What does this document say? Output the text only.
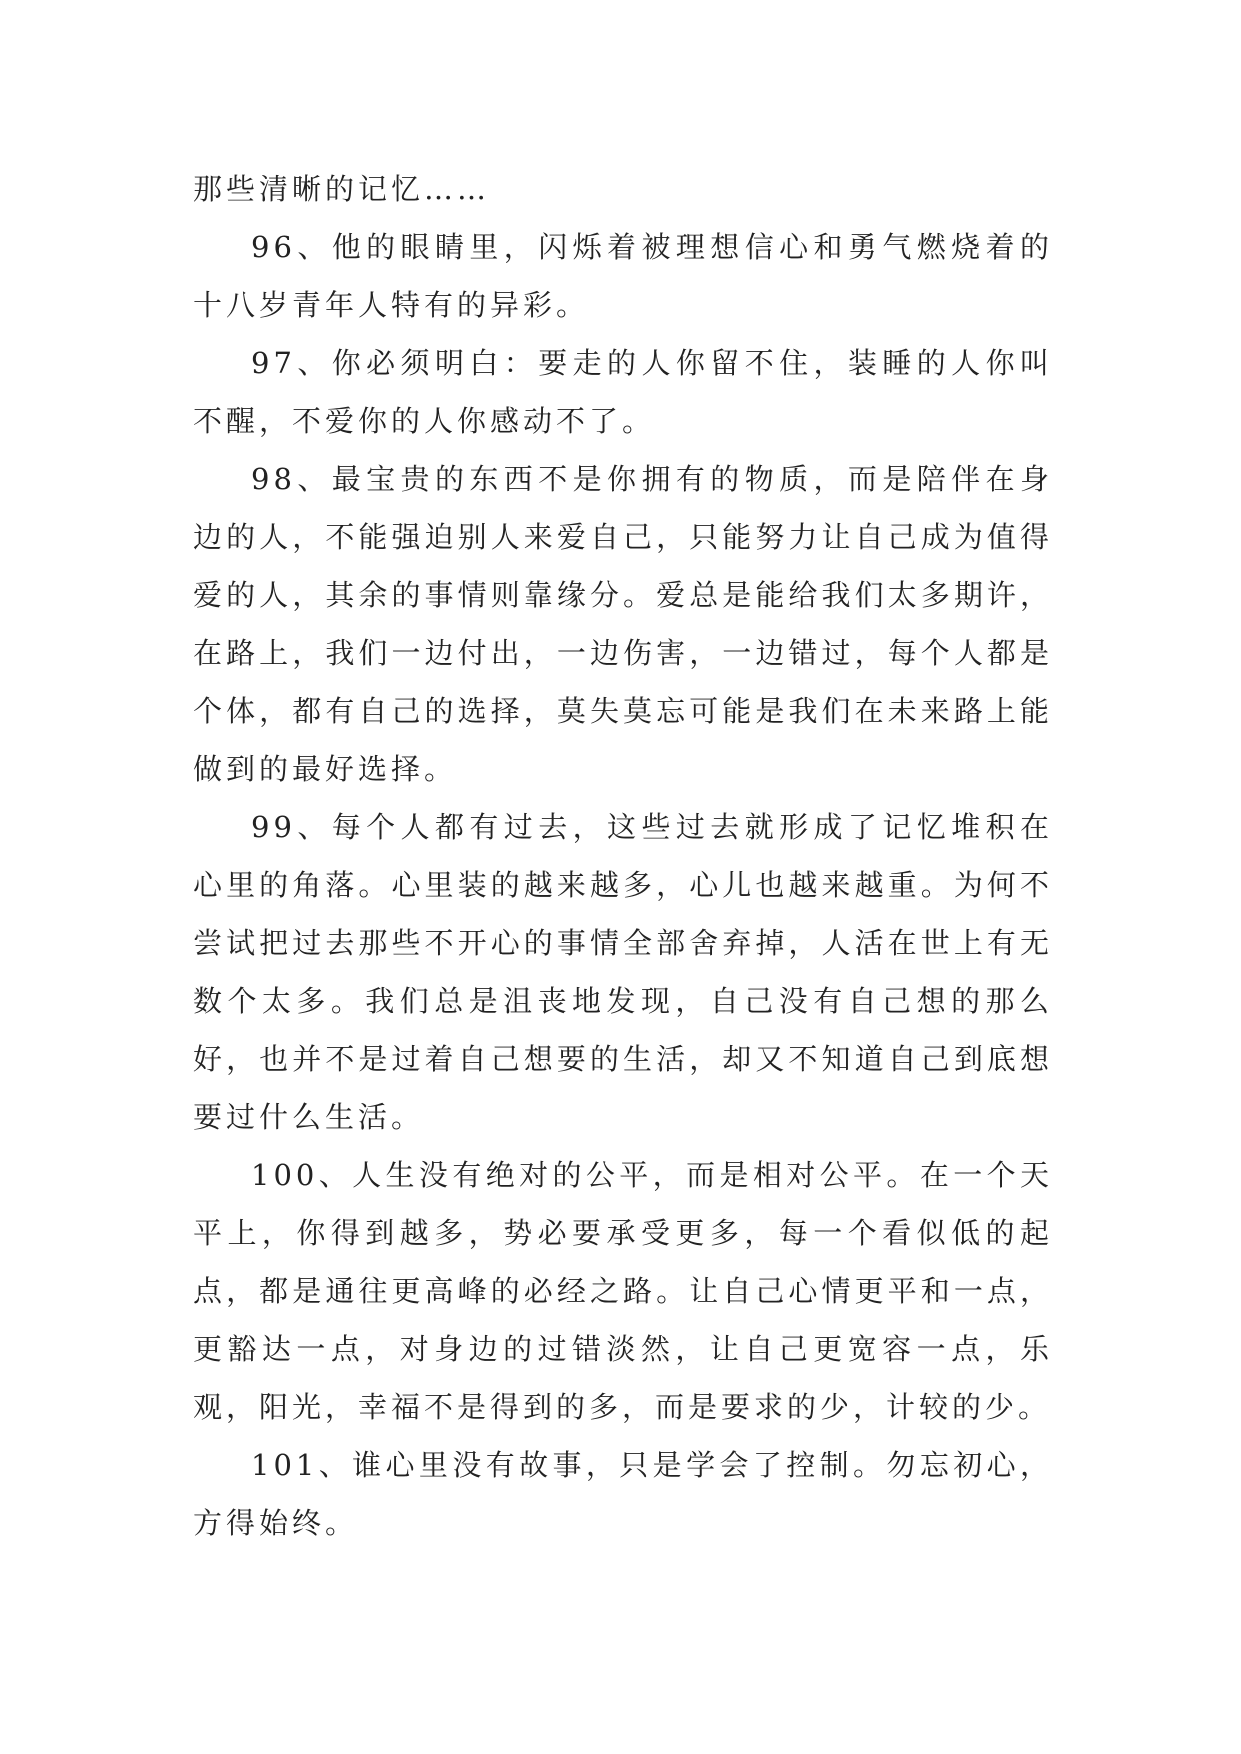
那些清晰的记忆……

96、他的眼睛里，闪烁着被理想信心和勇气燃烧着的十八岁青年人特有的异彩。

97、你必须明白：要走的人你留不住，装睡的人你叫不醒，不爱你的人你感动不了。

98、最宝贵的东西不是你拥有的物质，而是陪伴在身边的人，不能强迫别人来爱自己，只能努力让自己成为值得爱的人，其余的事情则靠缘分。爱总是能给我们太多期许，在路上，我们一边付出，一边伤害，一边错过，每个人都是个体，都有自己的选择，莫失莫忘可能是我们在未来路上能做到的最好选择。

99、每个人都有过去，这些过去就形成了记忆堆积在心里的角落。心里装的越来越多，心儿也越来越重。为何不尝试把过去那些不开心的事情全部舍弃掉，人活在世上有无数个太多。我们总是沮丧地发现，自己没有自己想的那么好，也并不是过着自己想要的生活，却又不知道自己到底想要过什么生活。

100、人生没有绝对的公平，而是相对公平。在一个天平上，你得到越多，势必要承受更多，每一个看似低的起点，都是通往更高峰的必经之路。让自己心情更平和一点，更豁达一点，对身边的过错淡然，让自己更宽容一点，乐观，阳光，幸福不是得到的多，而是要求的少，计较的少。

101、谁心里没有故事，只是学会了控制。勿忘初心，方得始终。
